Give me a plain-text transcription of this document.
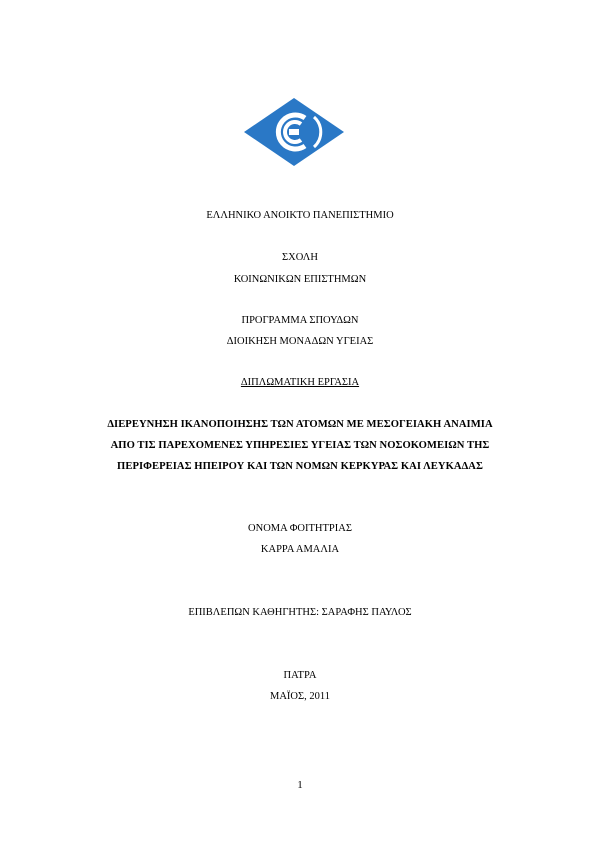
ΕΛΛΗΝΙΚΟ ΑΝΟΙΚΤΟ ΠΑΝΕΠΙΣΤΗΜΙΟ
ΣΧΟΛΗ
ΚΟΙΝΩΝΙΚΩΝ ΕΠΙΣΤΗΜΩΝ
ΠΡΟΓΡΑΜΜΑ ΣΠΟΥΔΩΝ
ΔΙΟΙΚΗΣΗ ΜΟΝΑΔΩΝ ΥΓΕΙΑΣ
ΔΙΠΛΩΜΑΤΙΚΗ ΕΡΓΑΣΙΑ
ΔΙΕΡΕΥΝΗΣΗ ΙΚΑΝΟΠΟΙΗΣΗΣ ΤΩΝ ΑΤΟΜΩΝ ΜΕ ΜΕΣΟΓΕΙΑΚΗ ΑΝΑΙΜΙΑ
ΑΠΟ ΤΙΣ ΠΑΡΕΧΟΜΕΝΕΣ ΥΠΗΡΕΣΙΕΣ ΥΓΕΙΑΣ ΤΩΝ ΝΟΣΟΚΟΜΕΙΩΝ ΤΗΣ
ΠΕΡΙΦΕΡΕΙΑΣ ΗΠΕΙΡΟΥ ΚΑΙ ΤΩΝ ΝΟΜΩΝ ΚΕΡΚΥΡΑΣ ΚΑΙ ΛΕΥΚΑΔΑΣ
ΟΝΟΜΑ ΦΟΙΤΗΤΡΙΑΣ
ΚΑΡΡΑ ΑΜΑΛΙΑ
ΕΠΙΒΛΕΠΩΝ ΚΑΘΗΓΗΤΗΣ: ΣΑΡΑΦΗΣ ΠΑΥΛΟΣ
ΠΑΤΡΑ
ΜΑΪΟΣ, 2011
1
